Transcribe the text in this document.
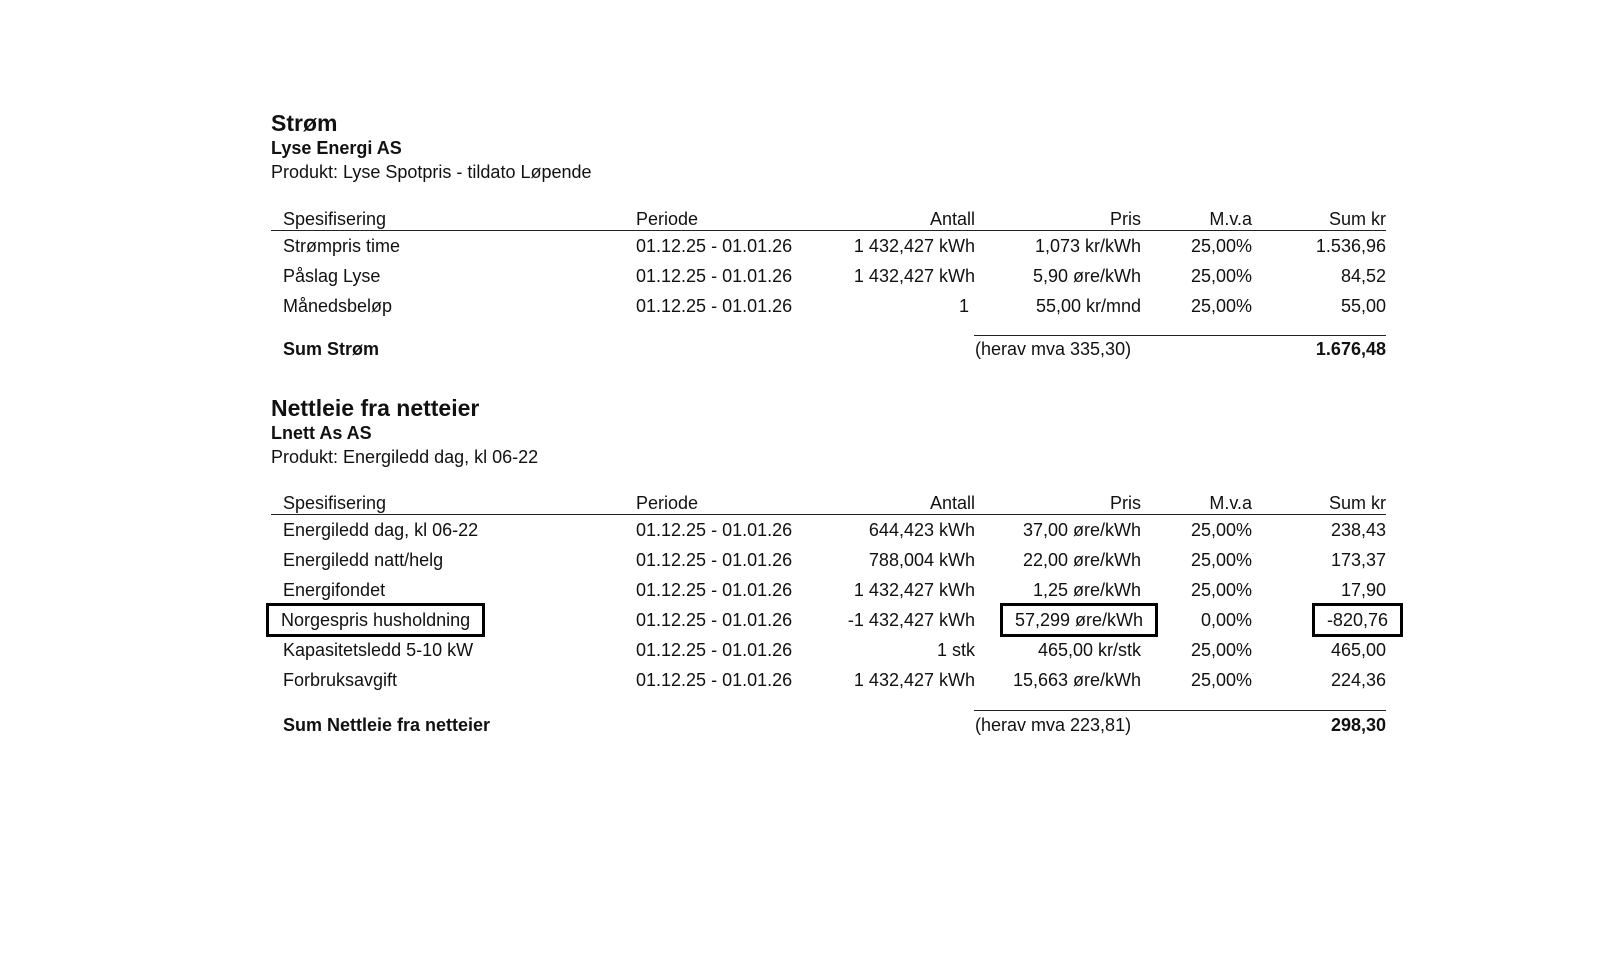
Strøm

Lyse Energi AS

Produkt: Lyse Spotpris - tildato Løpende

Spesifisering	Periode	Antall	Pris	M.v.a	Sum kr
Strømpris time	01.12.25 - 01.01.26	1 432,427 kWh	1,073 kr/kWh	25,00%	1.536,96
Påslag Lyse	01.12.25 - 01.01.26	1 432,427 kWh	5,90 øre/kWh	25,00%	84,52
Månedsbeløp	01.12.25 - 01.01.26	1	55,00 kr/mnd	25,00%	55,00
Sum Strøm	(herav mva 335,30)	1.676,48

Nettleie fra netteier

Lnett As AS

Produkt: Energiledd dag, kl 06-22

Spesifisering	Periode	Antall	Pris	M.v.a	Sum kr
Energiledd dag, kl 06-22	01.12.25 - 01.01.26	644,423 kWh	37,00 øre/kWh	25,00%	238,43
Energiledd natt/helg	01.12.25 - 01.01.26	788,004 kWh	22,00 øre/kWh	25,00%	173,37
Energifondet	01.12.25 - 01.01.26	1 432,427 kWh	1,25 øre/kWh	25,00%	17,90
Norgespris husholdning	01.12.25 - 01.01.26	-1 432,427 kWh	57,299 øre/kWh	0,00%	-820,76
Kapasitetsledd 5-10 kW	01.12.25 - 01.01.26	1 stk	465,00 kr/stk	25,00%	465,00
Forbruksavgift	01.12.25 - 01.01.26	1 432,427 kWh	15,663 øre/kWh	25,00%	224,36
Sum Nettleie fra netteier	(herav mva 223,81)	298,30
